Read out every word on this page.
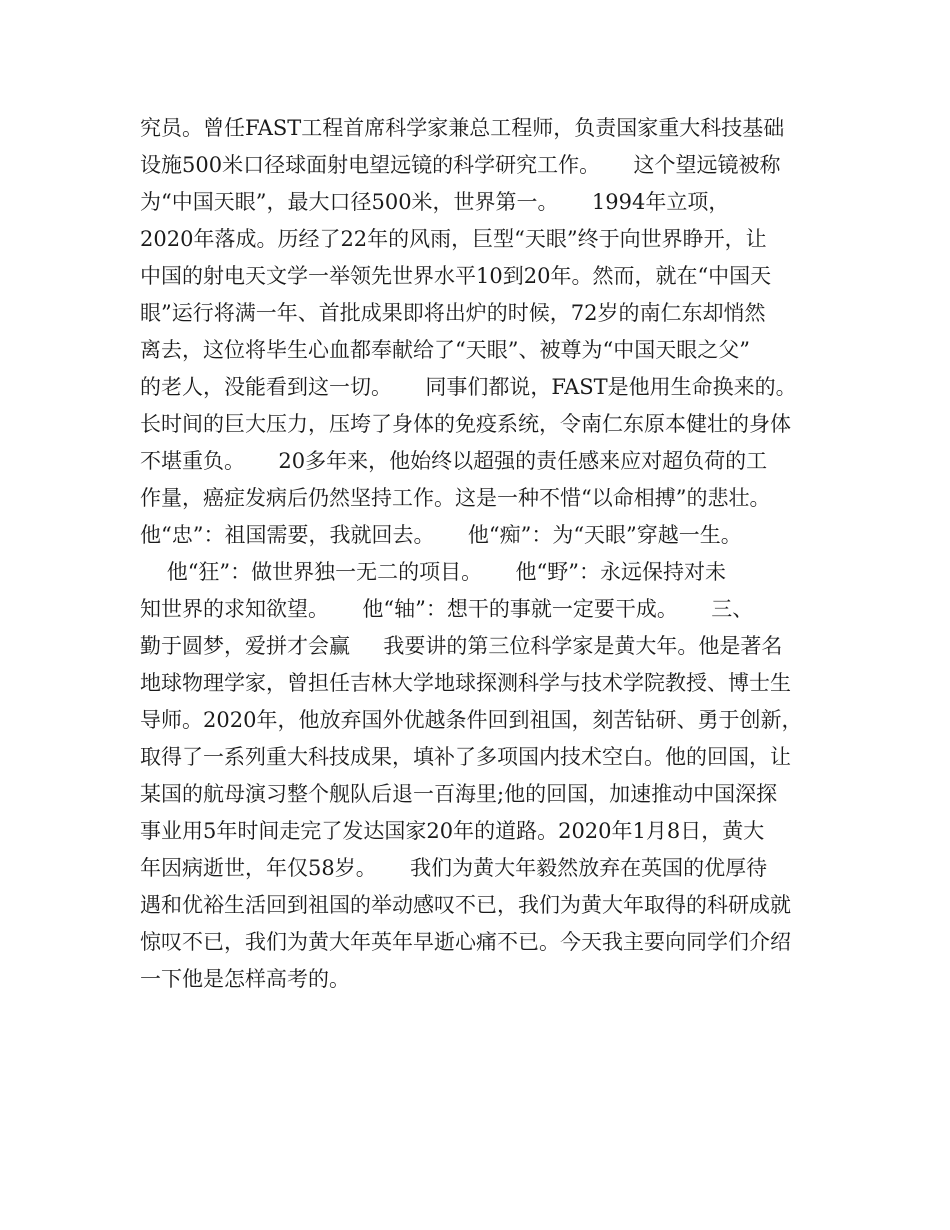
究员。曾任FAST工程首席科学家兼总工程师，负责国家重大科技基础
设施500米口径球面射电望远镜的科学研究工作。     这个望远镜被称
为“中国天眼”，最大口径500米，世界第一。     1994年立项，
2020年落成。历经了22年的风雨，巨型“天眼”终于向世界睁开，让
中国的射电天文学一举领先世界水平10到20年。然而，就在“中国天
眼”运行将满一年、首批成果即将出炉的时候，72岁的南仁东却悄然
离去，这位将毕生心血都奉献给了“天眼”、被尊为“中国天眼之父”
的老人，没能看到这一切。     同事们都说，FAST是他用生命换来的。
长时间的巨大压力，压垮了身体的免疫系统，令南仁东原本健壮的身体
不堪重负。     20多年来，他始终以超强的责任感来应对超负荷的工
作量，癌症发病后仍然坚持工作。这是一种不惜“以命相搏”的悲壮。
他“忠”：祖国需要，我就回去。     他“痴”：为“天眼”穿越一生。
他“狂”：做世界独一无二的项目。     他“野”：永远保持对未
知世界的求知欲望。     他“轴”：想干的事就一定要干成。     三、
勤于圆梦，爱拼才会赢     我要讲的第三位科学家是黄大年。他是著名
地球物理学家，曾担任吉林大学地球探测科学与技术学院教授、博士生
导师。2020年，他放弃国外优越条件回到祖国，刻苦钻研、勇于创新，
取得了一系列重大科技成果，填补了多项国内技术空白。他的回国，让
某国的航母演习整个舰队后退一百海里;他的回国，加速推动中国深探
事业用5年时间走完了发达国家20年的道路。2020年1月8日，黄大
年因病逝世，年仅58岁。     我们为黄大年毅然放弃在英国的优厚待
遇和优裕生活回到祖国的举动感叹不已，我们为黄大年取得的科研成就
惊叹不已，我们为黄大年英年早逝心痛不已。今天我主要向同学们介绍
一下他是怎样高考的。
